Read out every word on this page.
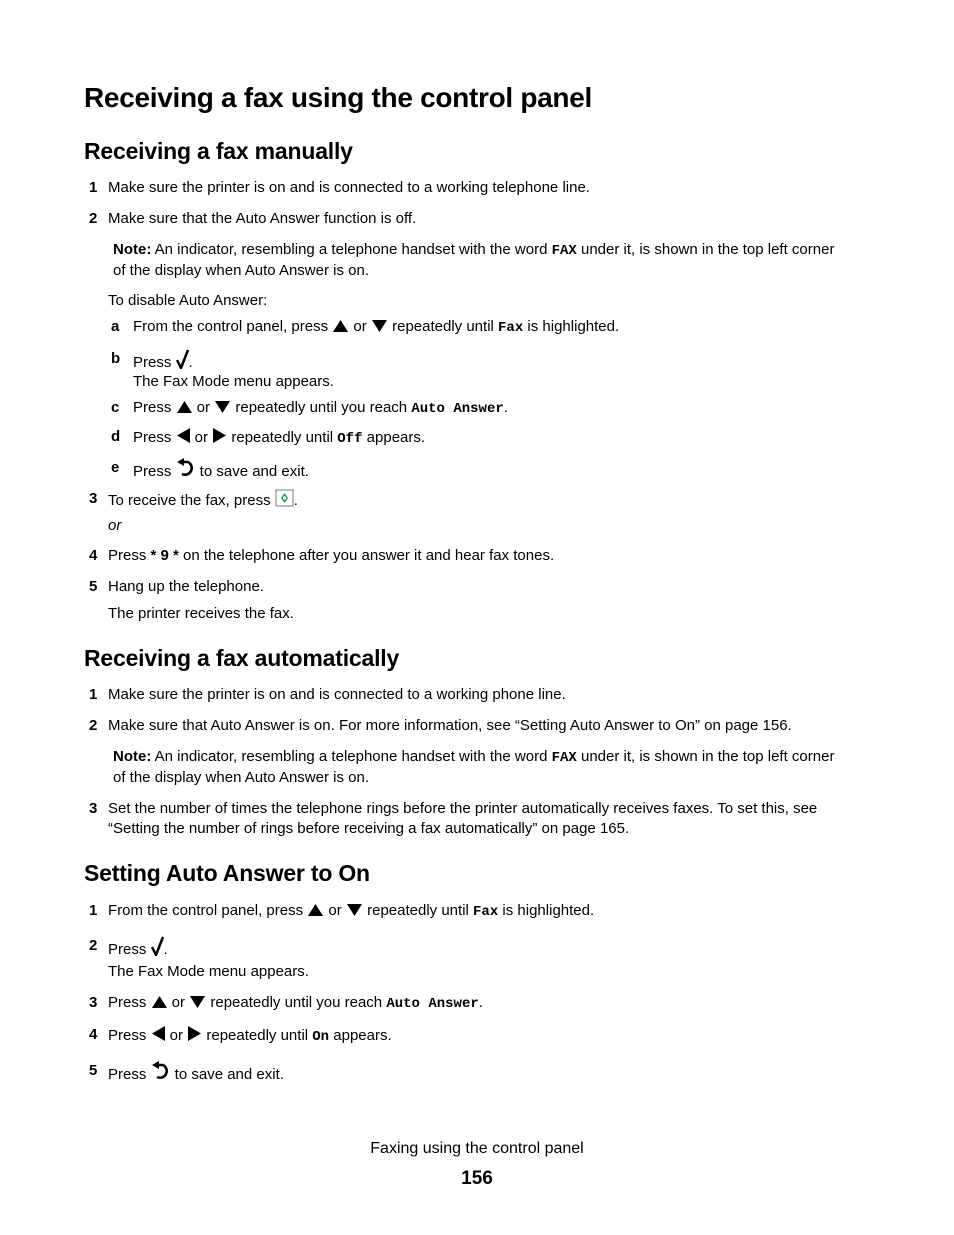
Receiving a fax using the control panel
Receiving a fax manually
1 Make sure the printer is on and is connected to a working telephone line.
2 Make sure that the Auto Answer function is off.
Note: An indicator, resembling a telephone handset with the word FAX under it, is shown in the top left corner
of the display when Auto Answer is on.
To disable Auto Answer:
a From the control panel, press
or
repeatedly until Fax is highlighted.
b Press
.
The Fax Mode menu appears.
c Press
or
repeatedly until you reach Auto Answer.
d Press
or
repeatedly until Off appears.
e Press
to save and exit.
3 To receive the fax, press
.
or
4 Press * 9 * on the telephone after you answer it and hear fax tones.
5 Hang up the telephone.
The printer receives the fax.
Receiving a fax automatically
1 Make sure the printer is on and is connected to a working phone line.
2 Make sure that Auto Answer is on. For more information, see “Setting Auto Answer to On” on page 156.
Note: An indicator, resembling a telephone handset with the word FAX under it, is shown in the top left corner
of the display when Auto Answer is on.
3 Set the number of times the telephone rings before the printer automatically receives faxes. To set this, see
“Setting the number of rings before receiving a fax automatically” on page 165.
Setting Auto Answer to On
1 From the control panel, press
or
repeatedly until Fax is highlighted.
2 Press
.
The Fax Mode menu appears.
3 Press
or
repeatedly until you reach Auto Answer.
4 Press
or
repeatedly until On appears.
5 Press
to save and exit.
Faxing using the control panel
156
